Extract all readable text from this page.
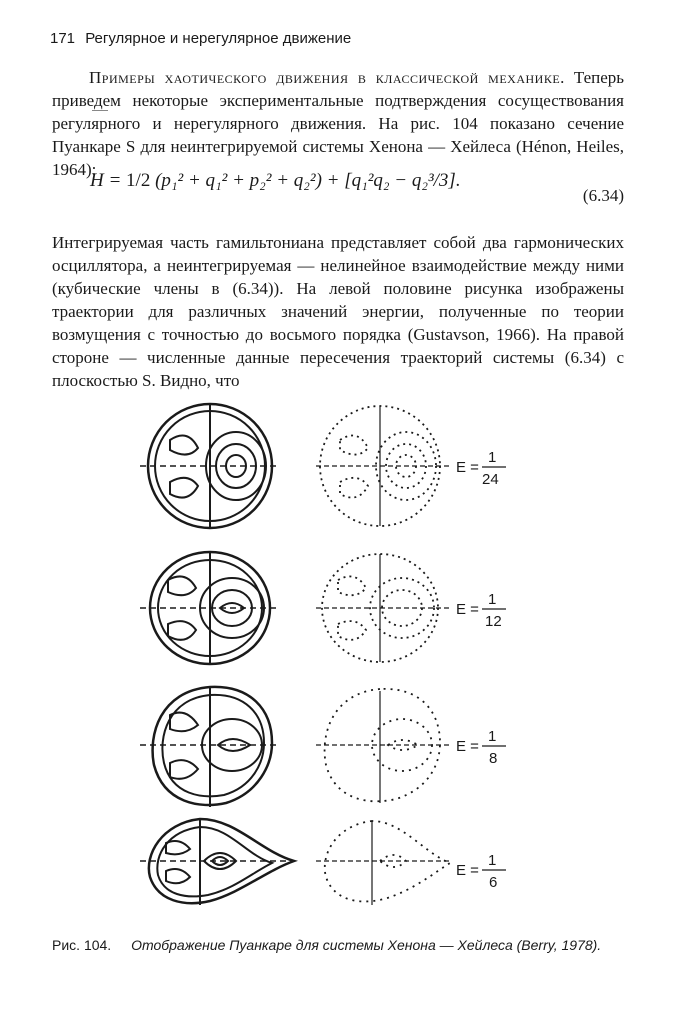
171 Регулярное и нерегулярное движение
Примеры хаотического движения в классической механике. Теперь приведем некоторые экспериментальные подтверждения сосуществования регулярного и нерегулярного движения. На рис. 104 показано сечение Пуанкаре S для неинтегрируемой системы Хенона — Хейлеса (Hénon, Heiles, 1964):
H = 1/2 (p₁² + q₁² + p₂² + q₂²) + [q₁²q₂ − q₂³/3].
(6.34)
Интегрируемая часть гамильтониана представляет собой два гармонических осциллятора, а неинтегрируемая — нелинейное взаимодействие между ними (кубические члены в (6.34)). На левой половине рисунка изображены траектории для различных значений энергии, полученные по теории возмущения с точностью до восьмого порядка (Gustavson, 1966). На правой стороне — численные данные пересечения траекторий системы (6.34) с плоскостью S. Видно, что
E =
1
24
E =
1
12
E =
1
8
E =
1
6
Рис. 104. Отображение Пуанкаре для системы Хенона — Хейлеса (Berry, 1978).
